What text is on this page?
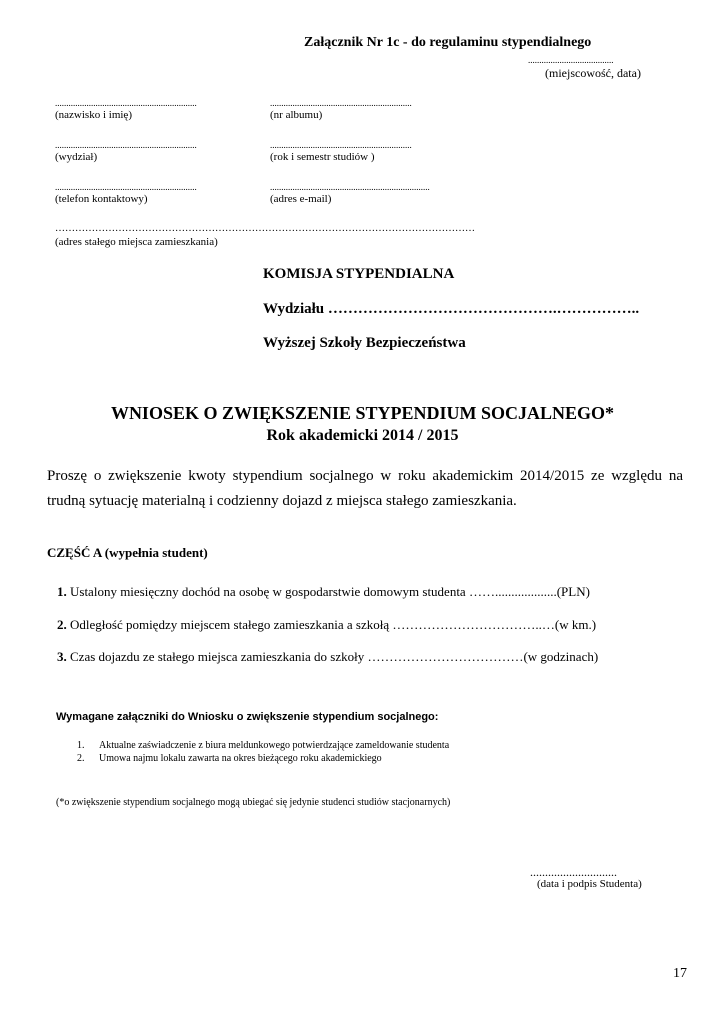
Załącznik Nr 1c - do regulaminu stypendialnego
......................................
(miejscowość, data)
...............................................................
(nazwisko i imię)
...............................................................
(nr albumu)
...............................................................
(wydział)
...............................................................
(rok i semestr studiów )
...............................................................
(telefon kontaktowy)
.......................................................................
(adres e-mail)
………………………………………………………………………………………………………………
(adres stałego miejsca zamieszkania)
KOMISJA STYPENDIALNA
Wydziału ……………………………………….……………..
Wyższej Szkoły Bezpieczeństwa
WNIOSEK O ZWIĘKSZENIE STYPENDIUM SOCJALNEGO*
Rok akademicki 2014 / 2015
Proszę o zwiększenie kwoty stypendium socjalnego w roku akademickim 2014/2015 ze względu na trudną sytuację materialną i codzienny dojazd z miejsca stałego zamieszkania.
CZĘŚĆ A (wypełnia student)
1. Ustalony miesięczny dochód na osobę w gospodarstwie domowym studenta ……...................(PLN)
2. Odległość pomiędzy miejscem stałego zamieszkania a szkołą ……………………………..…(w km.)
3. Czas dojazdu ze stałego miejsca zamieszkania do szkoły ………………………………(w godzinach)
Wymagane załączniki do Wniosku o zwiększenie stypendium socjalnego:
1. Aktualne zaświadczenie z biura meldunkowego potwierdzające zameldowanie studenta
2. Umowa najmu lokalu zawarta na okres bieżącego roku akademickiego
(*o zwiększenie stypendium socjalnego mogą ubiegać się jedynie studenci studiów stacjonarnych)
.............................
(data i podpis Studenta)
17
